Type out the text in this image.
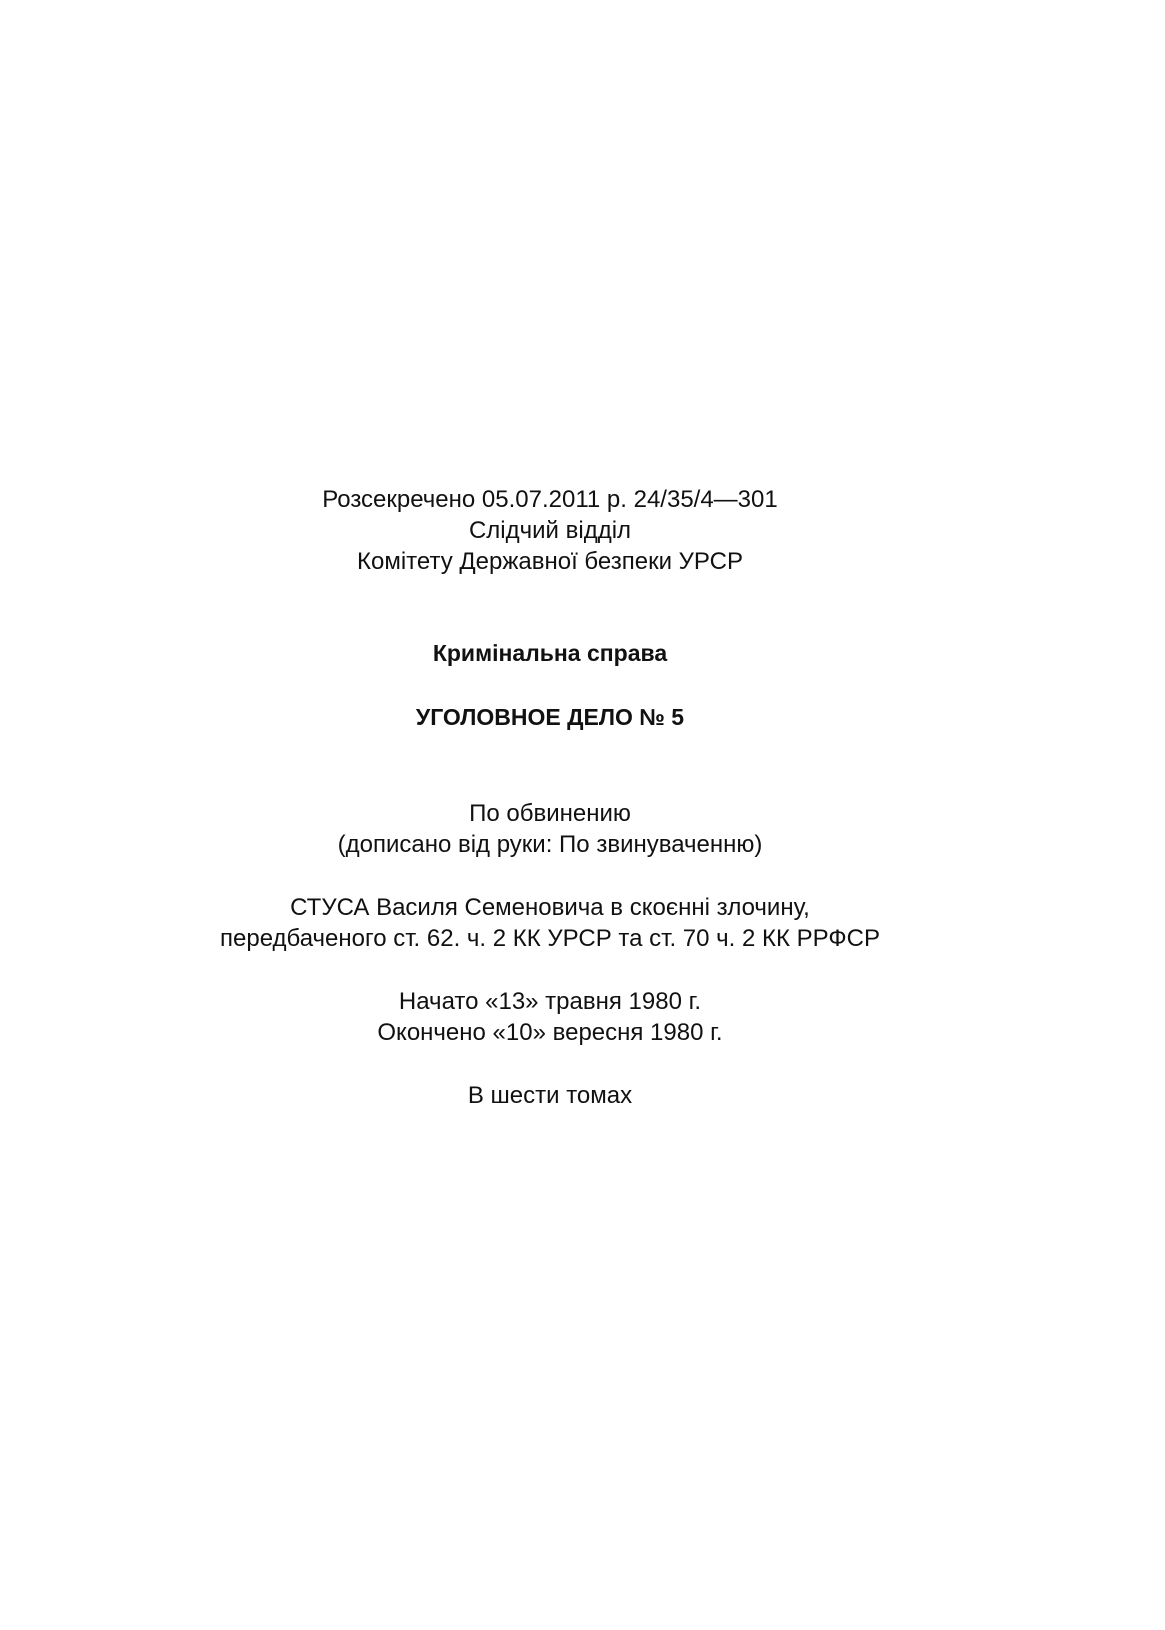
Розсекречено 05.07.2011 р. 24/35/4—301
Слідчий відділ
Комітету Державної безпеки УРСР
Кримінальна справа
УГОЛОВНОЕ ДЕЛО № 5
По обвинению
(дописано від руки: По звинуваченню)
СТУСА Василя Семеновича в скоєнні злочину,
передбаченого ст. 62. ч. 2 КК УРСР та ст. 70 ч. 2 КК РРФСР
Начато «13» травня 1980 г.
Окончено «10» вересня 1980 г.
В шести томах
